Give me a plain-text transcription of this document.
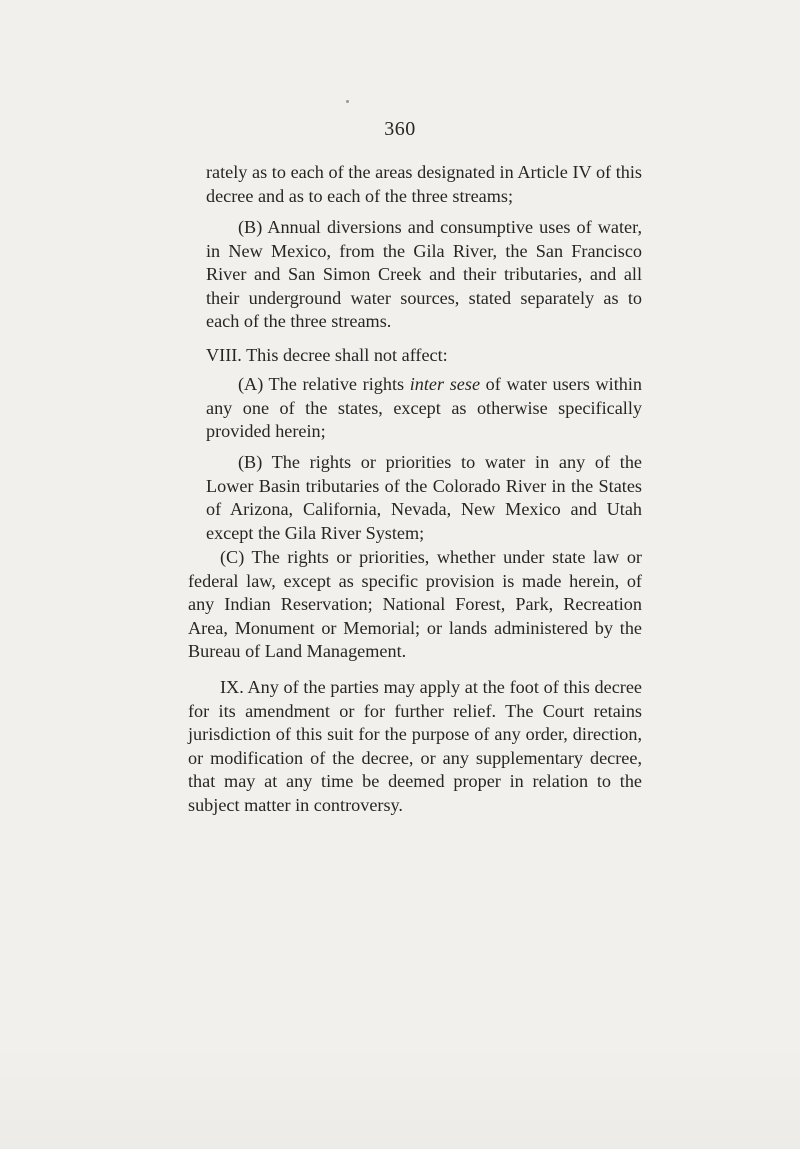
360

rately as to each of the areas designated in Article IV of this decree and as to each of the three streams;

(B) Annual diversions and consumptive uses of water, in New Mexico, from the Gila River, the San Francisco River and San Simon Creek and their tributaries, and all their underground water sources, stated separately as to each of the three streams.

VIII. This decree shall not affect:

(A) The relative rights inter sese of water users within any one of the states, except as otherwise specifically provided herein;

(B) The rights or priorities to water in any of the Lower Basin tributaries of the Colorado River in the States of Arizona, California, Nevada, New Mexico and Utah except the Gila River System;

(C) The rights or priorities, whether under state law or federal law, except as specific provision is made herein, of any Indian Reservation; National Forest, Park, Recreation Area, Monument or Memorial; or lands administered by the Bureau of Land Management.

IX. Any of the parties may apply at the foot of this decree for its amendment or for further relief. The Court retains jurisdiction of this suit for the purpose of any order, direction, or modification of the decree, or any supplementary decree, that may at any time be deemed proper in relation to the subject matter in controversy.
